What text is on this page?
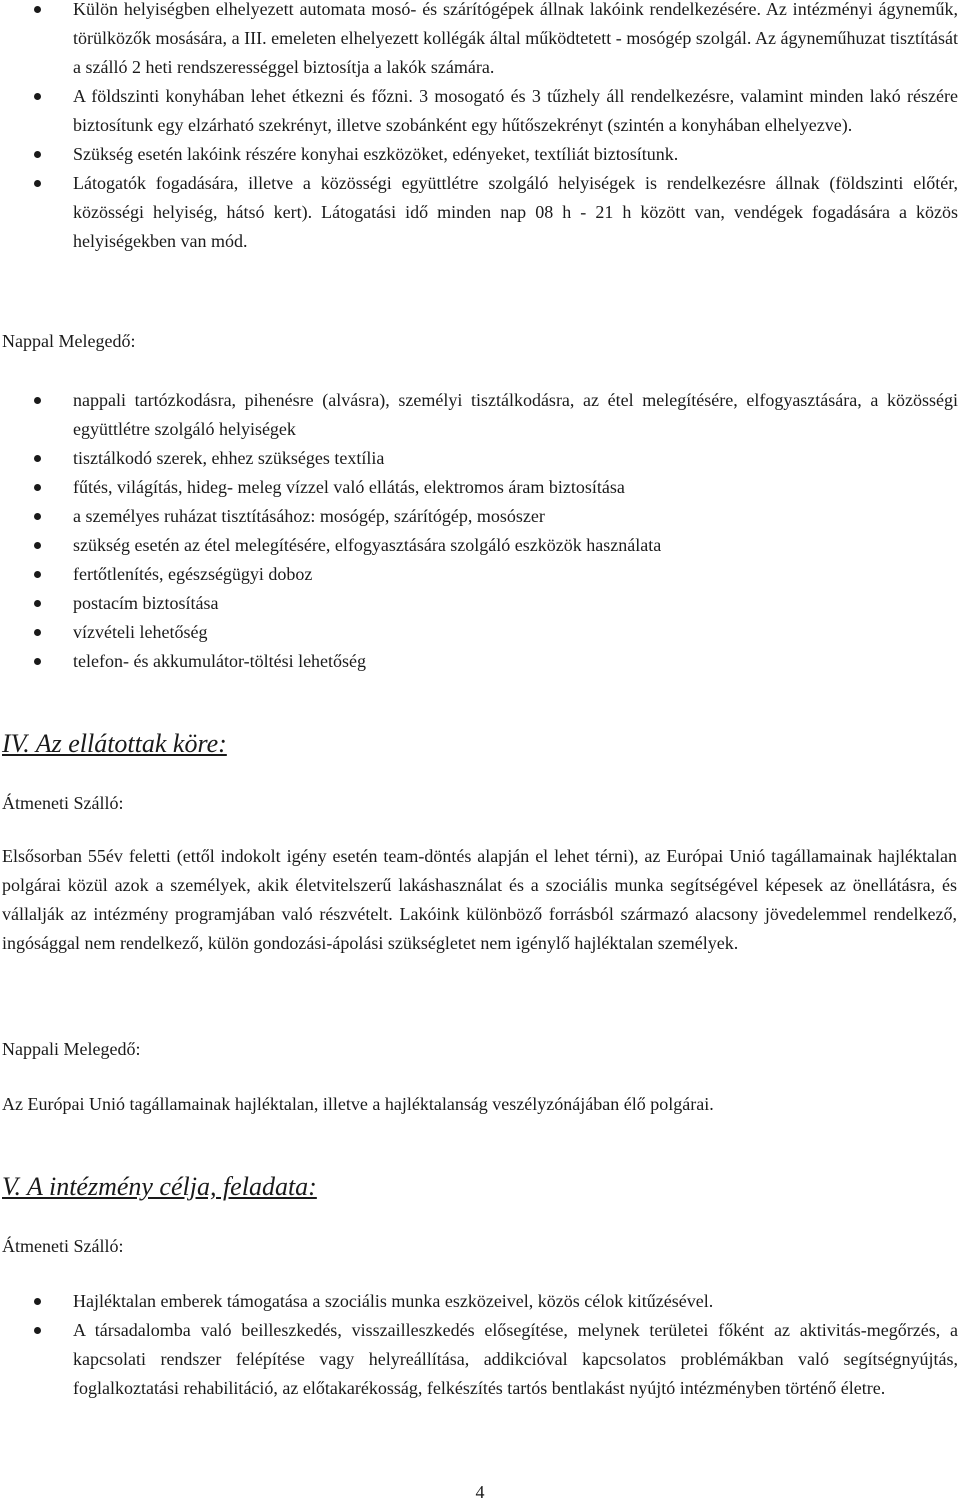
Külön helyiségben elhelyezett automata mosó- és szárítógépek állnak lakóink rendelkezésére. Az intézményi ágyneműk, törülközők mosására, a III. emeleten elhelyezett kollégák által működtetett - mosógép szolgál. Az ágyneműhuzat tisztítását a szálló 2 heti rendszerességgel biztosítja a lakók számára.
A földszinti konyhában lehet étkezni és főzni. 3 mosogató és 3 tűzhely áll rendelkezésre, valamint minden lakó részére biztosítunk egy elzárható szekrényt, illetve szobánként egy hűtőszekrényt (szintén a konyhában elhelyezve).
Szükség esetén lakóink részére konyhai eszközöket, edényeket, textíliát biztosítunk.
Látogatók fogadására, illetve a közösségi együttlétre szolgáló helyiségek is rendelkezésre állnak (földszinti előtér, közösségi helyiség, hátsó kert). Látogatási idő minden nap 08 h - 21 h között van, vendégek fogadására a közös helyiségekben van mód.
Nappal Melegedő:
nappali tartózkodásra, pihenésre (alvásra), személyi tisztálkodásra, az étel melegítésére, elfogyasztására, a közösségi együttlétre szolgáló helyiségek
tisztálkodó szerek, ehhez szükséges textília
fűtés, világítás, hideg- meleg vízzel való ellátás, elektromos áram biztosítása
a személyes ruházat tisztításához: mosógép, szárítógép, mosószer
szükség esetén az étel melegítésére, elfogyasztására szolgáló eszközök használata
fertőtlenítés, egészségügyi doboz
postacím biztosítása
vízvételi lehetőség
telefon- és akkumulátor-töltési lehetőség
IV. Az ellátottak köre:
Átmeneti Szálló:

Elsősorban 55év feletti (ettől indokolt igény esetén team-döntés alapján el lehet térni), az Európai Unió tagállamainak hajléktalan polgárai közül azok a személyek, akik életvitelszerű lakáshasználat és a szociális munka segítségével képesek az önellátásra, és vállalják az intézmény programjában való részvételt. Lakóink különböző forrásból származó alacsony jövedelemmel rendelkező, ingósággal nem rendelkező, külön gondozási-ápolási szükségletet nem igénylő hajléktalan személyek.

Nappali Melegedő:

Az Európai Unió tagállamainak hajléktalan, illetve a hajléktalanság veszélyzónájában élő polgárai.

V. A intézmény célja, feladata:
Átmeneti Szálló:
Hajléktalan emberek támogatása a szociális munka eszközeivel, közös célok kitűzésével.
A társadalomba való beilleszkedés, visszailleszkedés elősegítése, melynek területei főként az aktivitás-megőrzés, a kapcsolati rendszer felépítése vagy helyreállítása, addikcióval kapcsolatos problémákban való segítségnyújtás, foglalkoztatási rehabilitáció, az előtakarékosság, felkészítés tartós bentlakást nyújtó intézményben történő életre.
4
